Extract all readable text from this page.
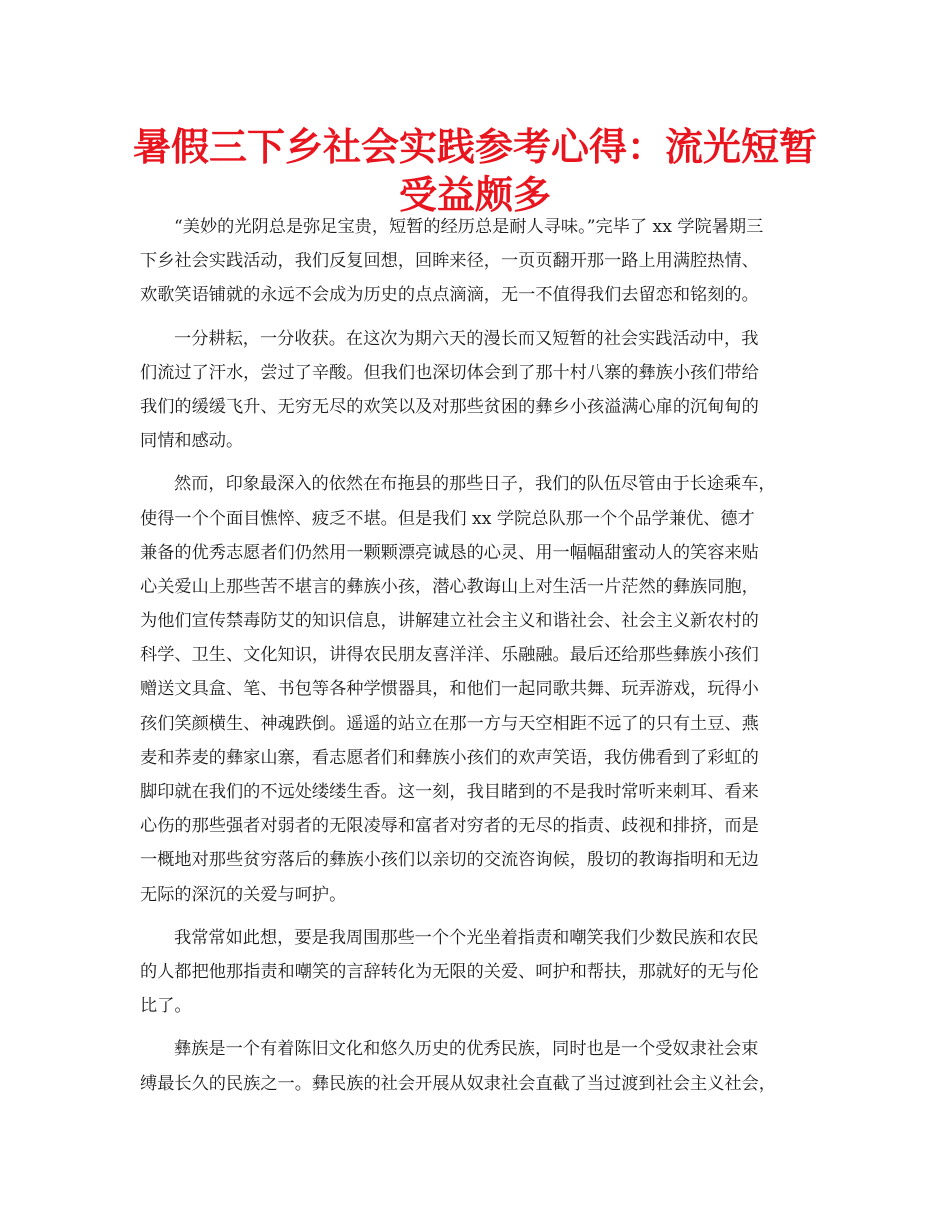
暑假三下乡社会实践参考心得：流光短暂
受益颇多
“美妙的光阴总是弥足宝贵，短暂的经历总是耐人寻味。”完毕了 xx 学院暑期三
下乡社会实践活动，我们反复回想，回眸来径，一页页翻开那一路上用满腔热情、
欢歌笑语铺就的永远不会成为历史的点点滴滴，无一不值得我们去留恋和铭刻的。
一分耕耘，一分收获。在这次为期六天的漫长而又短暂的社会实践活动中，我
们流过了汗水，尝过了辛酸。但我们也深切体会到了那十村八寨的彝族小孩们带给
我们的缓缓飞升、无穷无尽的欢笑以及对那些贫困的彝乡小孩溢满心扉的沉甸甸的
同情和感动。
然而，印象最深入的依然在布拖县的那些日子，我们的队伍尽管由于长途乘车，
使得一个个面目憔悴、疲乏不堪。但是我们 xx 学院总队那一个个品学兼优、德才
兼备的优秀志愿者们仍然用一颗颗漂亮诚恳的心灵、用一幅幅甜蜜动人的笑容来贴
心关爱山上那些苦不堪言的彝族小孩，潜心教诲山上对生活一片茫然的彝族同胞，
为他们宣传禁毒防艾的知识信息，讲解建立社会主义和谐社会、社会主义新农村的
科学、卫生、文化知识，讲得农民朋友喜洋洋、乐融融。最后还给那些彝族小孩们
赠送文具盒、笔、书包等各种学惯器具，和他们一起同歌共舞、玩弄游戏，玩得小
孩们笑颜横生、神魂跌倒。遥遥的站立在那一方与天空相距不远了的只有土豆、燕
麦和荞麦的彝家山寨，看志愿者们和彝族小孩们的欢声笑语，我仿佛看到了彩虹的
脚印就在我们的不远处缕缕生香。这一刻，我目睹到的不是我时常听来刺耳、看来
心伤的那些强者对弱者的无限凌辱和富者对穷者的无尽的指责、歧视和排挤，而是
一概地对那些贫穷落后的彝族小孩们以亲切的交流咨询候，殷切的教诲指明和无边
无际的深沉的关爱与呵护。
我常常如此想，要是我周围那些一个个光坐着指责和嘲笑我们少数民族和农民
的人都把他那指责和嘲笑的言辞转化为无限的关爱、呵护和帮扶，那就好的无与伦
比了。
彝族是一个有着陈旧文化和悠久历史的优秀民族，同时也是一个受奴隶社会束
缚最长久的民族之一。彝民族的社会开展从奴隶社会直截了当过渡到社会主义社会，
